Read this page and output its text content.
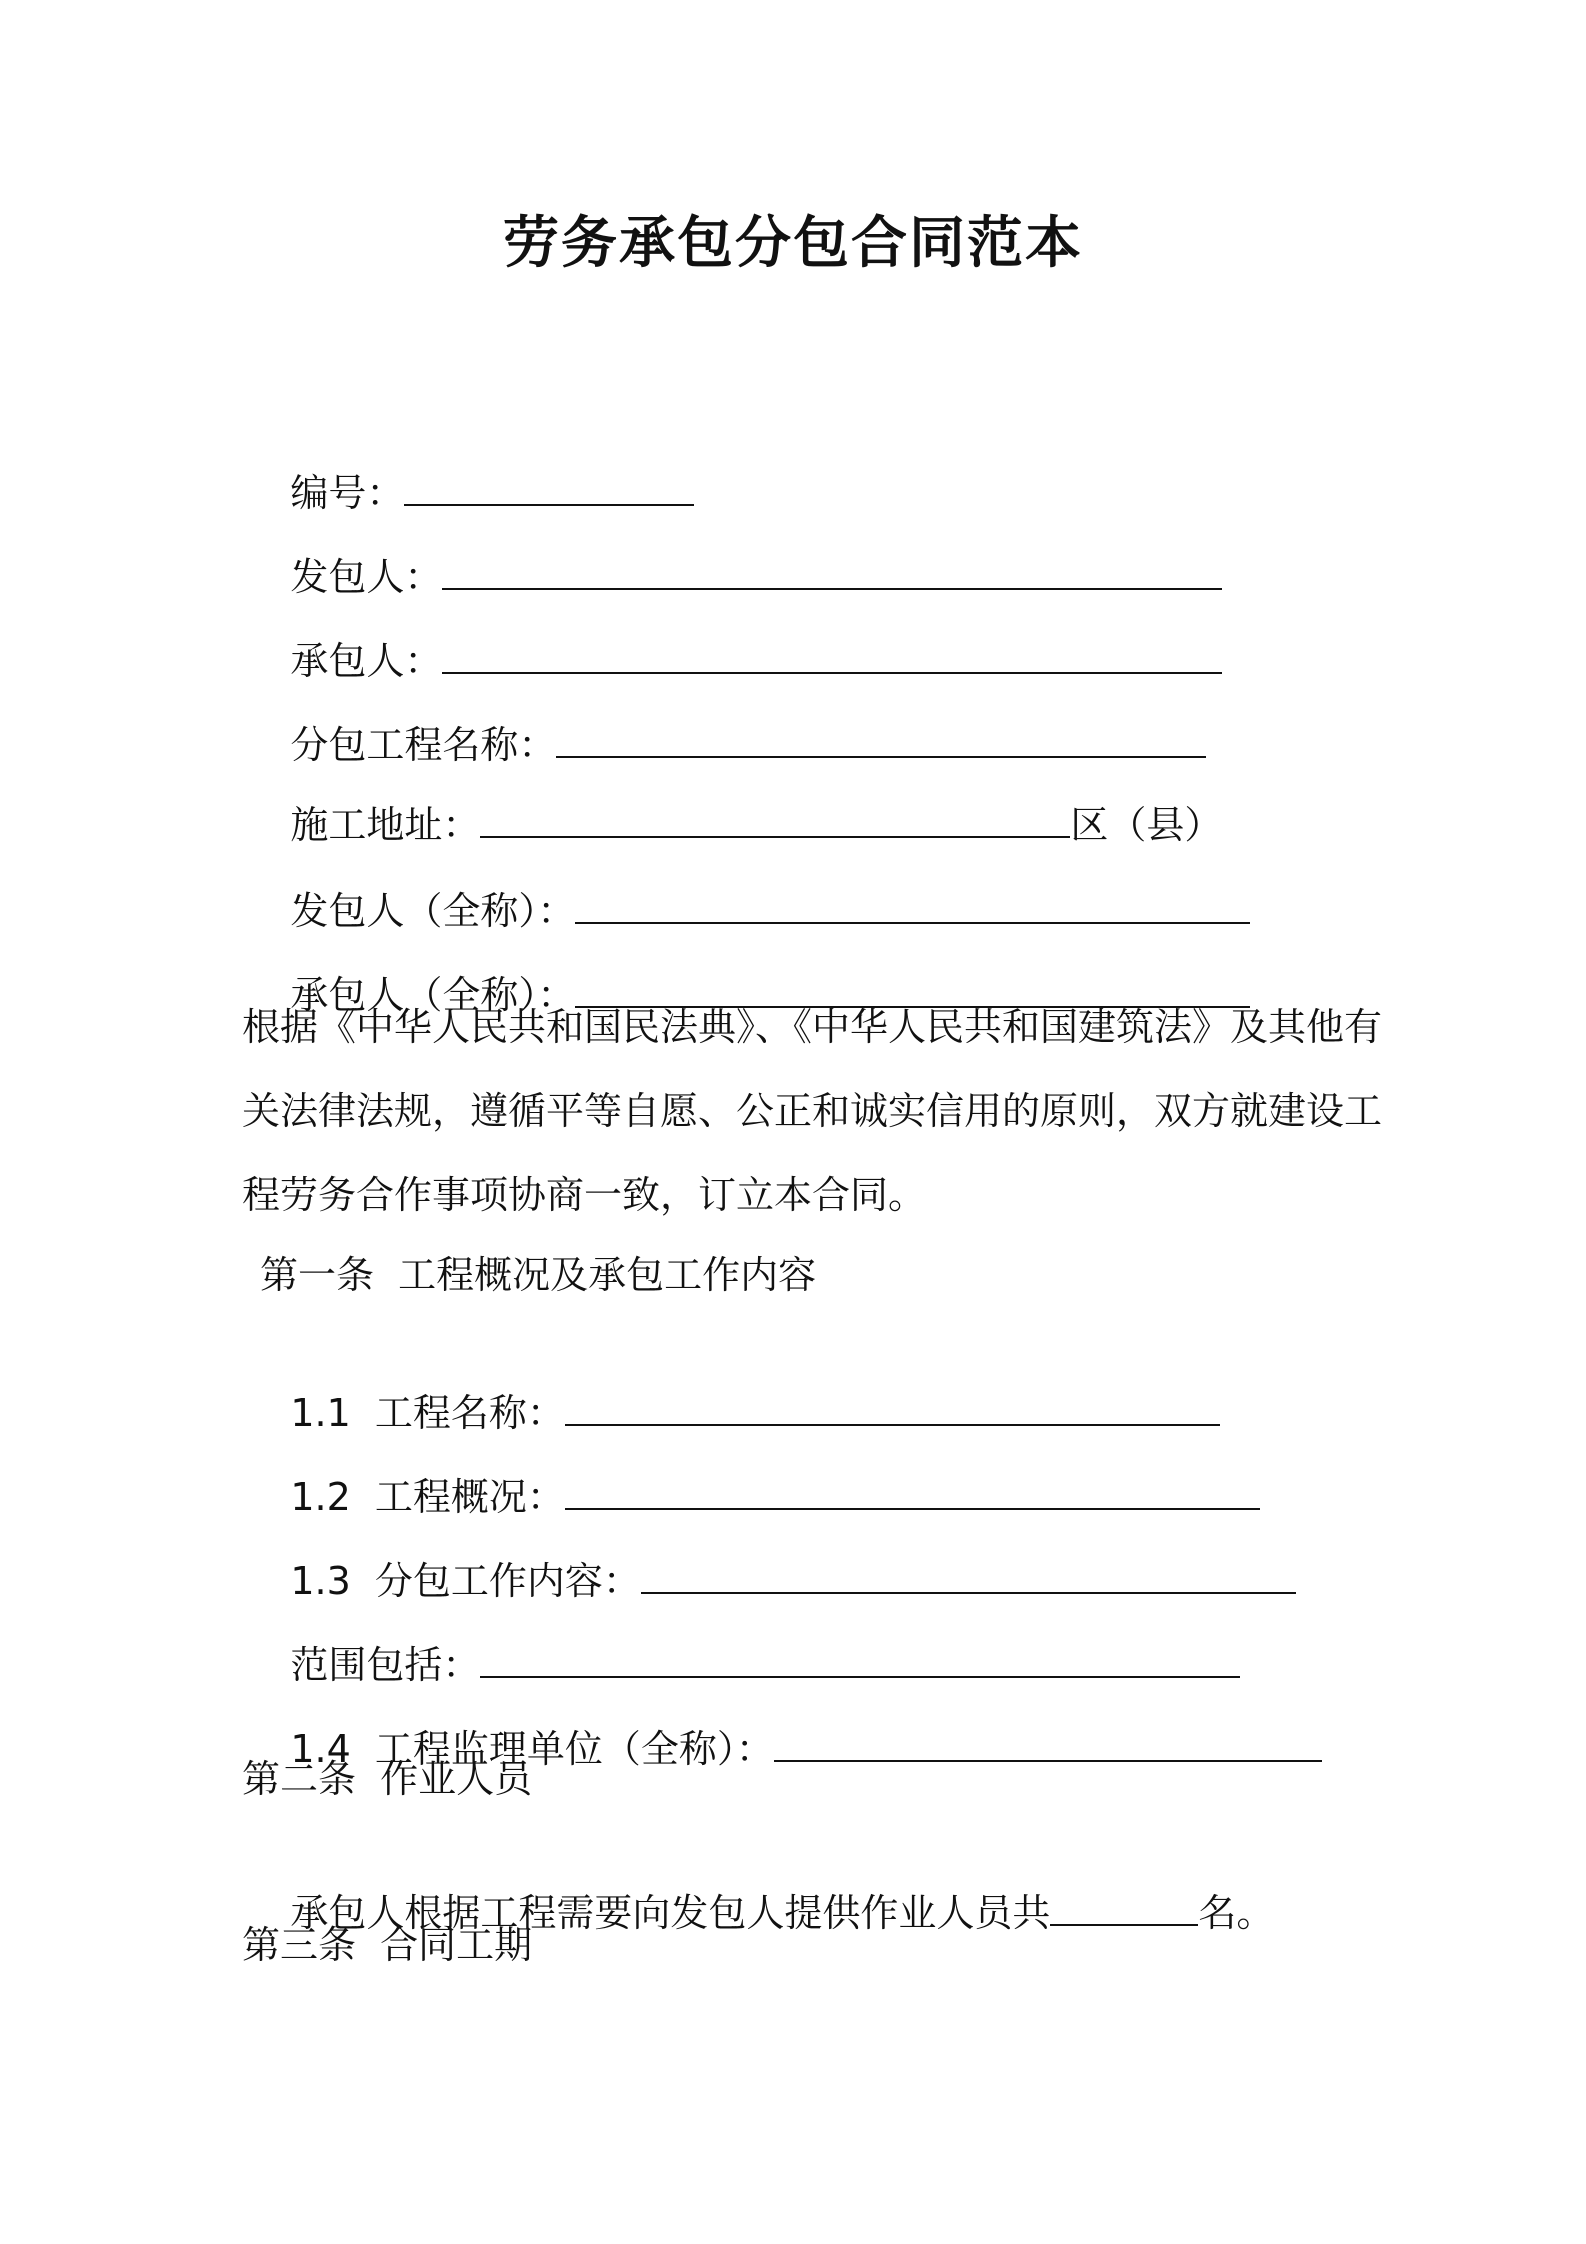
劳务承包分包合同范本

编号：

发包人：

承包人：

分包工程名称：

施工地址：	区（县）

发包人（全称）：

承包人（全称）：

根据《中华人民共和国民法典》、《中华人民共和国建筑法》及其他有
关法律法规，遵循平等自愿、公正和诚实信用的原则，双方就建设工
程劳务合作事项协商一致，订立本合同。
第一条  工程概况及承包工作内容

1.1  工程名称：

1.2  工程概况：

1.3  分包工作内容：

范围包括：

1.4  工程监理单位（全称）：

第二条  作业人员

承包人根据工程需要向发包人提供作业人员共	名。

第三条  合同工期
